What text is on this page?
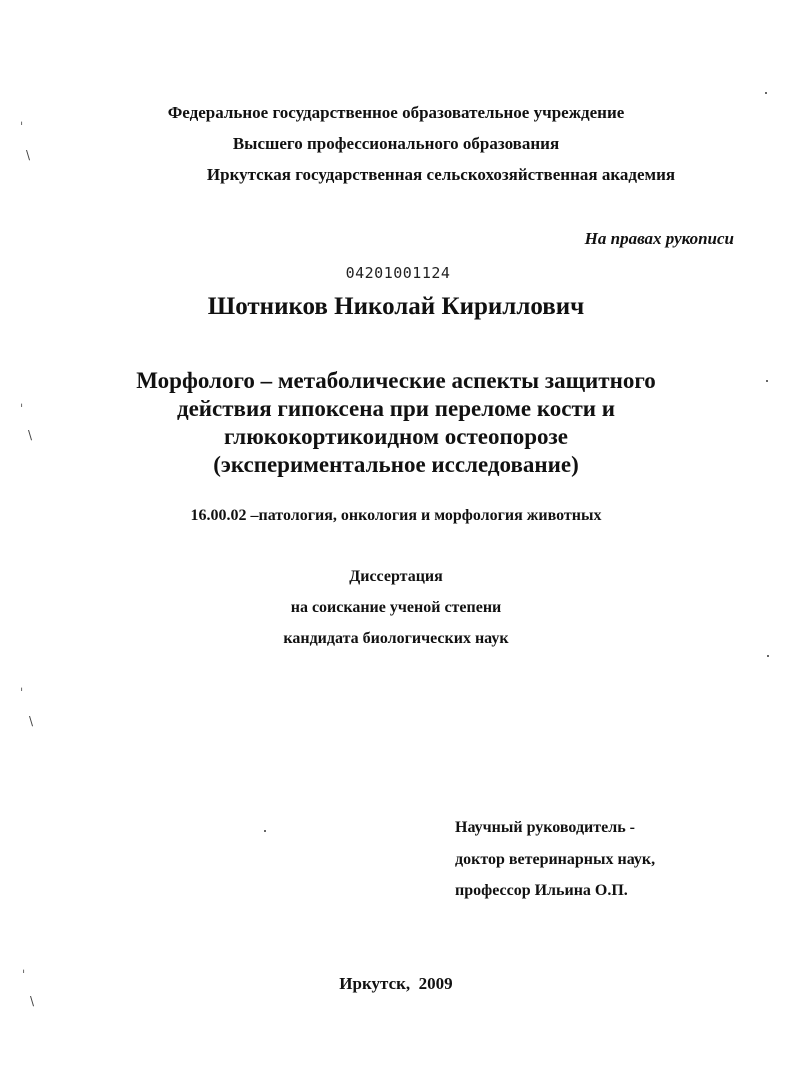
ˈ
\
ˈ
\
ˈ
\
ˈ
\
Федеральное государственное образовательное учреждение
Высшего профессионального образования
Иркутская государственная сельскохозяйственная академия
На правах рукописи
04201001124
Шотников Николай Кириллович
Морфолого – метаболические аспекты защитного
действия гипоксена при переломе кости и
глюкокортикоидном остеопорозе
(экспериментальное исследование)
16.00.02 –патология, онкология и морфология животных
Диссертация
на соискание ученой степени
кандидата биологических наук
Научный руководитель -
доктор ветеринарных наук,
профессор Ильина О.П.
Иркутск,  2009
